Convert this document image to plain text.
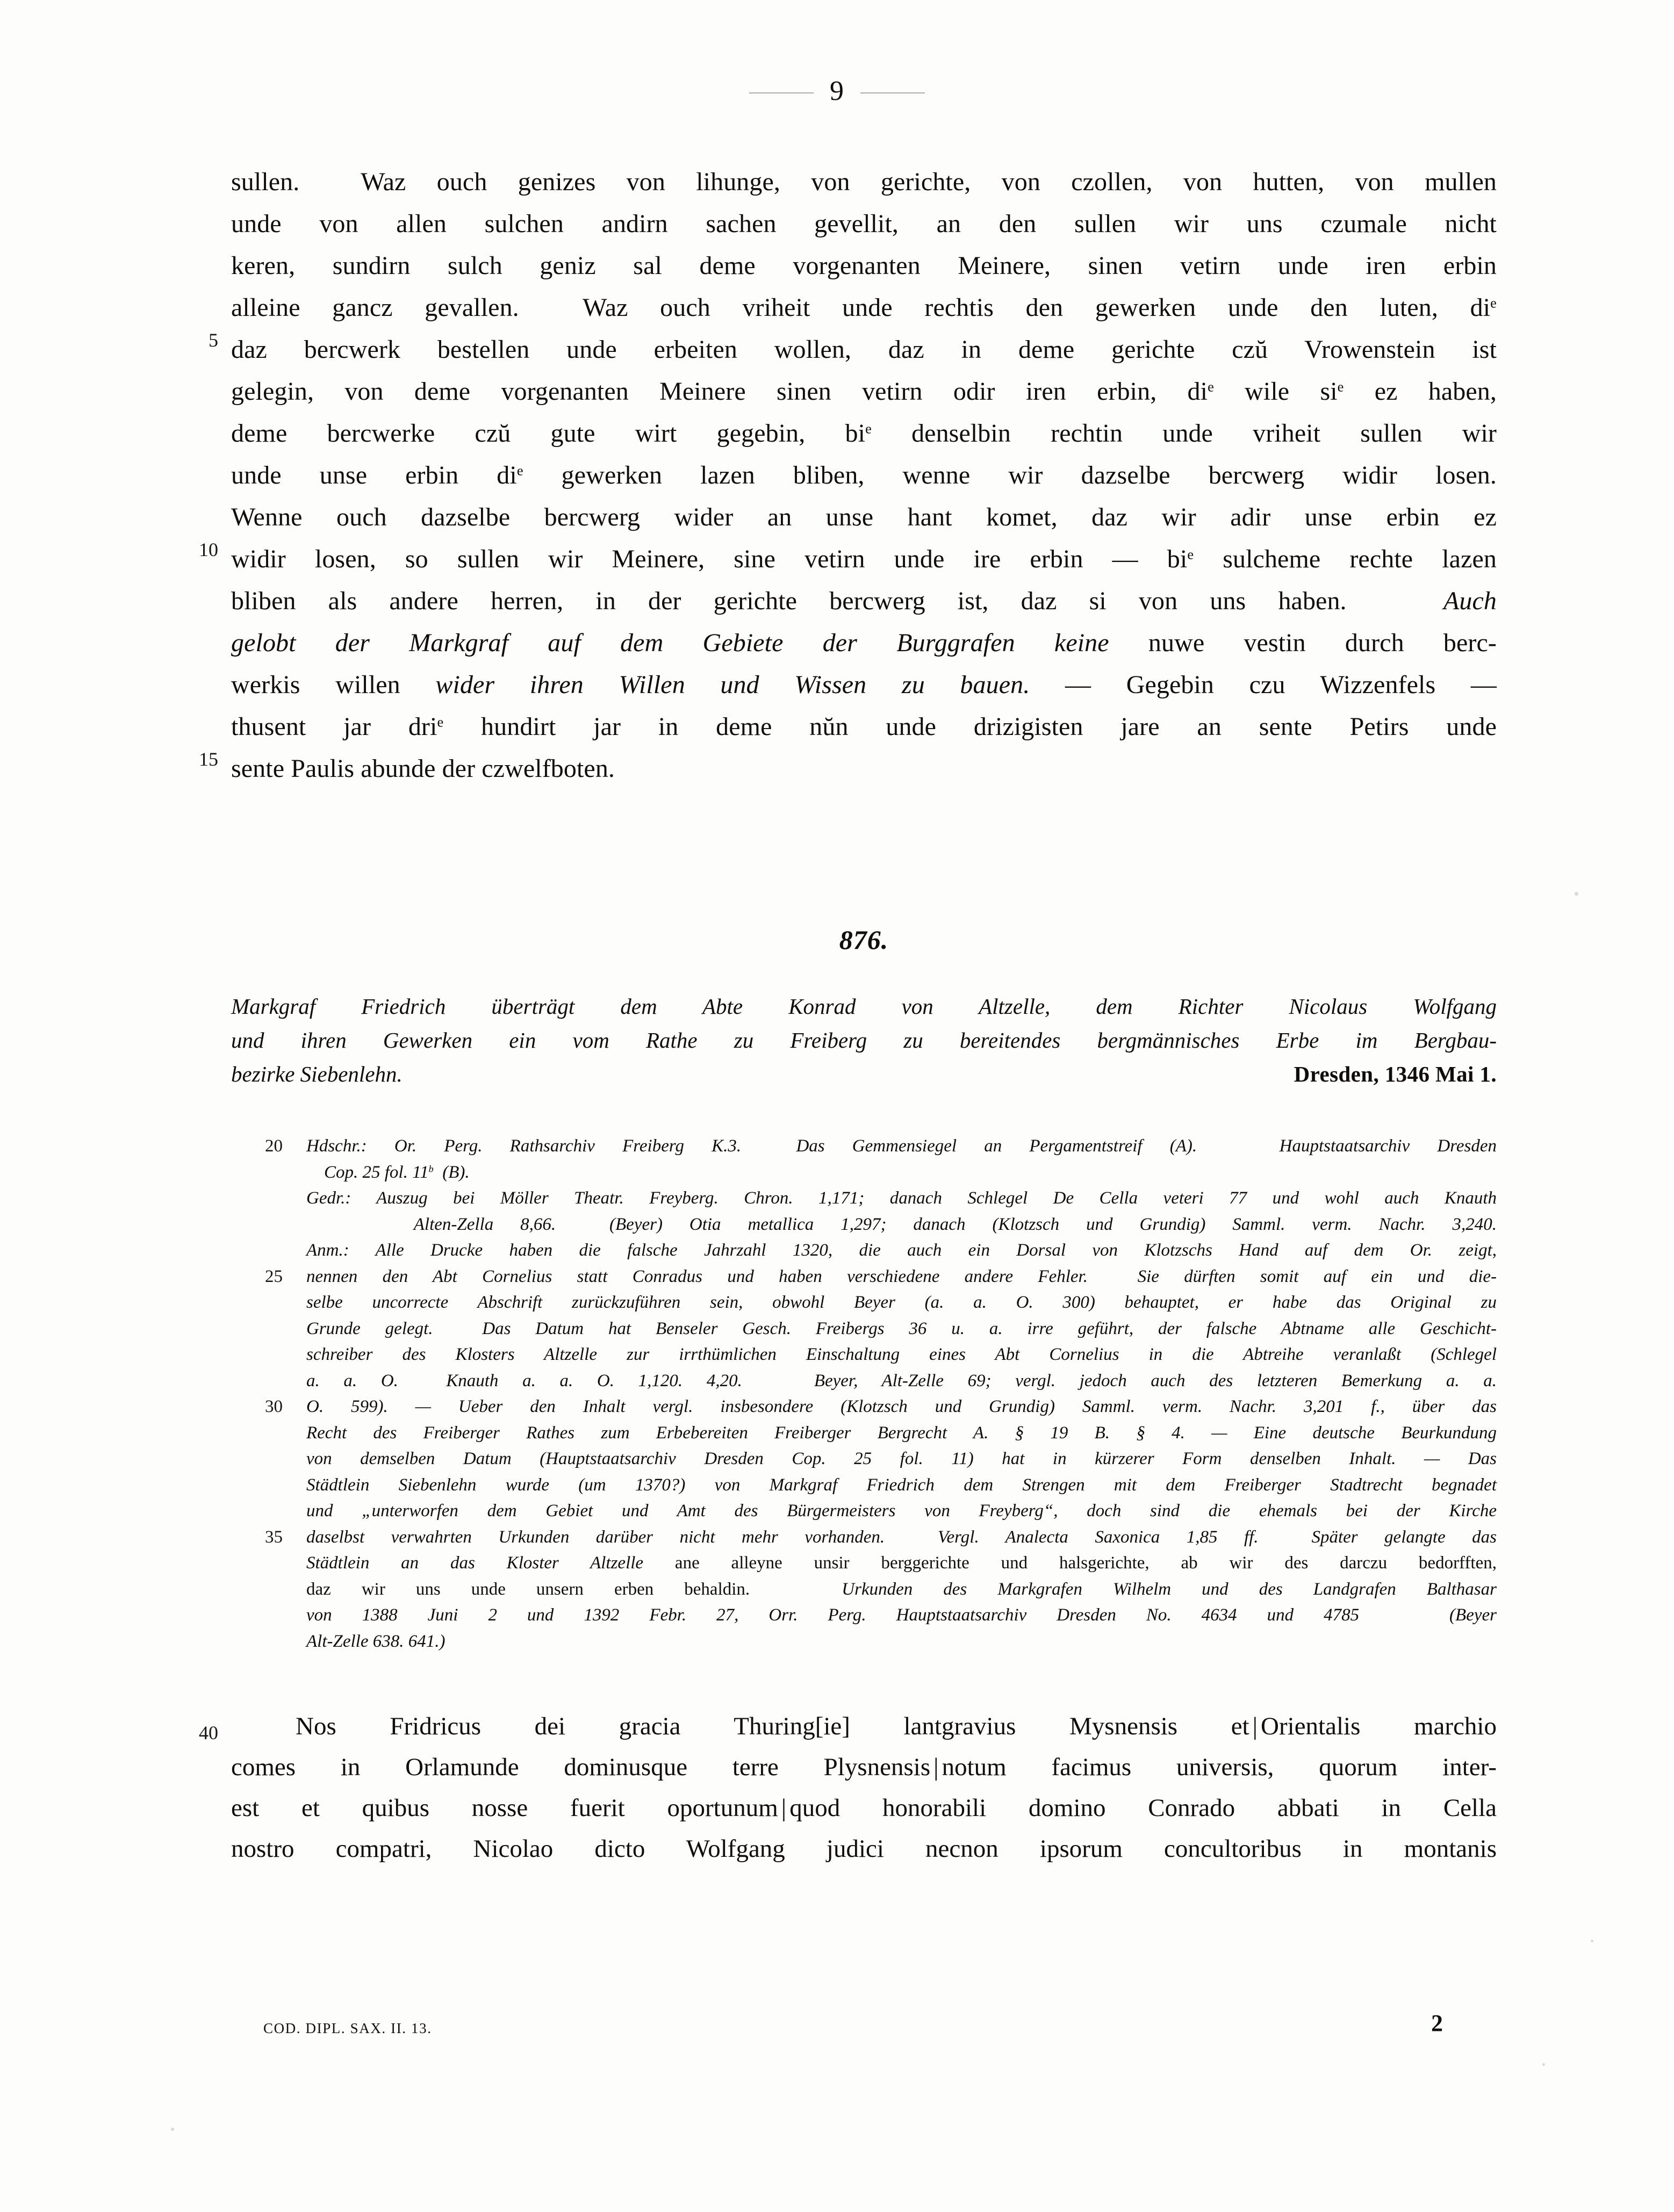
9

sullen.  Waz ouch genizes von lihunge, von gerichte, von czollen, von hutten, von mullen

unde von allen sulchen andirn sachen gevellit, an den sullen wir uns czumale nicht

keren, sundirn sulch geniz sal deme vorgenanten Meinere, sinen vetirn unde iren erbin

alleine gancz gevallen.  Waz ouch vriheit unde rechtis den gewerken unde den luten, $di^e$

5 daz bercwerk bestellen unde erbeiten wollen, daz in deme gerichte czŭ Vrowenstein ist

gelegin, von deme vorgenanten Meinere sinen vetirn odir iren erbin, $di^e$ wile $si^e$ ez haben,

deme bercwerke czŭ gute wirt gegebin, $bi^e$ denselbin rechtin unde vriheit sullen wir

unde unse erbin $di^e$ gewerken lazen bliben, wenne wir dazselbe bercwerg widir losen.

Wenne ouch dazselbe bercwerg wider an unse hant komet, daz wir adir unse erbin ez

10 widir losen, so sullen wir Meinere, sine vetirn unde ire erbin — $bi^e$ sulcheme rechte lazen

bliben als andere herren, in der gerichte bercwerg ist, daz si von uns haben.   Auch

gelobt der Markgraf auf dem Gebiete der Burggrafen keine nuwe vestin durch berc-

werkis willen wider ihren Willen und Wissen zu bauen. — Gegebin czu Wizzenfels —

thusent jar dri$^e$ hundirt jar in deme nŭn unde drizigisten jare an sente Petirs unde

15 sente Paulis abunde der czwelfboten.

876.

Markgraf Friedrich überträgt dem Abte Konrad von Altzelle, dem Richter Nicolaus Wolfgang

und ihren Gewerken ein vom Rathe zu Freiberg zu bereitendes bergmännisches Erbe im Bergbau-

Dresden, 1346 Mai 1.
bezirke Siebenlehn.

20
25
30
35

Hdschr.: Or. Perg. Rathsarchiv Freiberg K.3.  Das Gemmensiegel an Pergamentstreif (A).   Hauptstaatsarchiv Dresden

Cop. 25 fol. 11$^b$  (B).

Gedr.: Auszug bei Möller Theatr. Freyberg. Chron. 1,171; danach Schlegel De Cella veteri 77 und wohl auch Knauth

Alten-Zella 8,66.  (Beyer) Otia metallica 1,297; danach (Klotzsch und Grundig) Samml. verm. Nachr. 3,240.

Anm.: Alle Drucke haben die falsche Jahrzahl 1320, die auch ein Dorsal von Klotzschs Hand auf dem Or. zeigt,

nennen den Abt Cornelius statt Conradus und haben verschiedene andere Fehler.  Sie dürften somit auf ein und die-

selbe uncorrecte Abschrift zurückzuführen sein, obwohl Beyer (a. a. O. 300) behauptet, er habe das Original zu

Grunde gelegt.  Das Datum hat Benseler Gesch. Freibergs 36 u. a. irre geführt, der falsche Abtname alle Geschicht-

schreiber des Klosters Altzelle zur irrthümlichen Einschaltung eines Abt Cornelius in die Abtreihe veranlaßt (Schlegel

a. a. O.  Knauth a. a. O. 1,120. 4,20.   Beyer, Alt-Zelle 69; vergl. jedoch auch des letzteren Bemerkung a. a.

O. 599). — Ueber den Inhalt vergl. insbesondere (Klotzsch und Grundig) Samml. verm. Nachr. 3,201 f., über das

Recht des Freiberger Rathes zum Erbebereiten Freiberger Bergrecht A. § 19 B. § 4. — Eine deutsche Beurkundung

von demselben Datum (Hauptstaatsarchiv Dresden Cop. 25 fol. 11) hat in kürzerer Form denselben Inhalt. — Das

Städtlein Siebenlehn wurde (um 1370?) von Markgraf Friedrich dem Strengen mit dem Freiberger Stadtrecht begnadet

und „unterworfen dem Gebiet und Amt des Bürgermeisters von Freyberg“, doch sind die ehemals bei der Kirche

daselbst verwahrten Urkunden darüber nicht mehr vorhanden.  Vergl. Analecta Saxonica 1,85 ff.  Später gelangte das

Städtlein an das Kloster Altzelle ane alleyne unsir berggerichte und halsgerichte, ab wir des darczu bedorfften,

daz wir uns unde unsern erben behaldin.   Urkunden des Markgrafen Wilhelm und des Landgrafen Balthasar

von 1388 Juni 2 und 1392 Febr. 27, Orr. Perg. Hauptstaatsarchiv Dresden No. 4634 und 4785   (Beyer

Alt-Zelle 638. 641.)

40	Nos Fridricus dei gracia Thuring[ie] lantgravius Mysnensis et | Orientalis marchio

comes in Orlamunde dominusque terre Plysnensis | notum facimus universis, quorum inter-

est et quibus nosse fuerit oportunum | quod honorabili domino Conrado abbati in Cella

nostro compatri, Nicolao dicto Wolfgang judici necnon ipsorum concultoribus in montanis

COD. DIPL. SAX. II. 13.	2
